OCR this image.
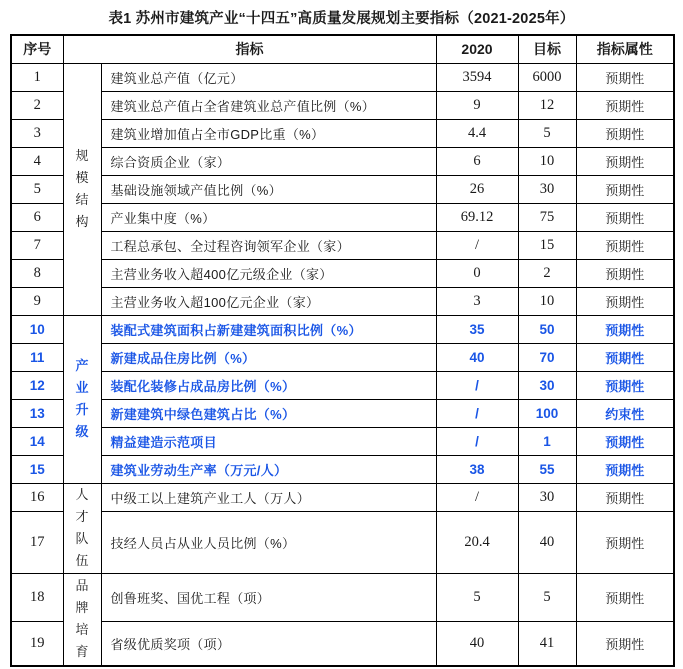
表1 苏州市建筑产业“十四五”高质量发展规划主要指标（2021-2025年）
序号	指标		2020	目标	指标属性
1	规模结构	建筑业总产值（亿元）	3594	6000	预期性
2		建筑业总产值占全省建筑业总产值比例（%）	9	12	预期性
3		建筑业增加值占全市GDP比重（%）	4.4	5	预期性
4		综合资质企业（家）	6	10	预期性
5		基础设施领域产值比例（%）	26	30	预期性
6		产业集中度（%）	69.12	75	预期性
7		工程总承包、全过程咨询领军企业（家）	/	15	预期性
8		主营业务收入超400亿元级企业（家）	0	2	预期性
9		主营业务收入超100亿元企业（家）	3	10	预期性
10	产业升级	装配式建筑面积占新建建筑面积比例（%）	35	50	预期性
11		新建成品住房比例（%）	40	70	预期性
12		装配化装修占成品房比例（%）	/	30	预期性
13		新建建筑中绿色建筑占比（%）	/	100	约束性
14		精益建造示范项目	/	1	预期性
15		建筑业劳动生产率（万元/人）	38	55	预期性
16	人才队伍	中级工以上建筑产业工人（万人）	/	30	预期性
17		技经人员占从业人员比例（%）	20.4	40	预期性
18	品牌培育	创鲁班奖、国优工程（项）	5	5	预期性
19		省级优质奖项（项）	40	41	预期性
